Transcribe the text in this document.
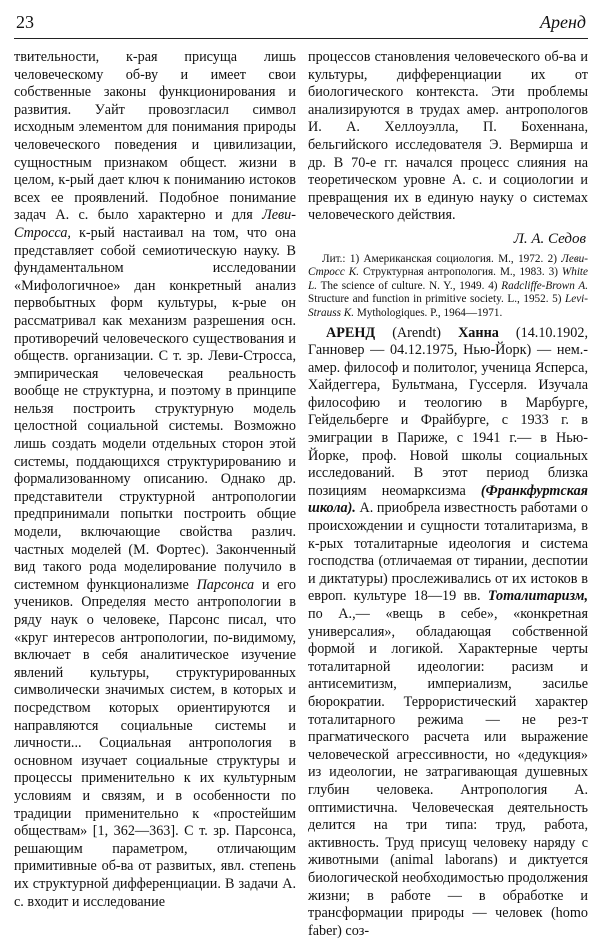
23	Аренд

твительности, к-рая присуща лишь человеческому об-ву и имеет свои собственные законы функционирования и развития. Уайт провозгласил символ исходным элементом для понимания природы человеческого поведения и цивилизации, сущностным признаком общест. жизни в целом, к-рый дает ключ к пониманию истоков всех ее проявлений. Подобное понимание задач А. с. было характерно и для Леви-Стросса, к-рый настаивал на том, что она представляет собой семиотическую науку. В фундаментальном исследовании «Мифологичное» дан конкретный анализ первобытных форм культуры, к-рые он рассматривал как механизм разрешения осн. противоречий человеческого существования и обществ. организации. С т. зр. Леви-Стросса, эмпирическая человеческая реальность вообще не структурна, и поэтому в принципе нельзя построить структурную модель целостной социальной системы. Возможно лишь создать модели отдельных сторон этой системы, поддающихся структурированию и формализованному описанию. Однако др. представители структурной антропологии предпринимали попытки построить общие модели, включающие свойства различ. частных моделей (М. Фортес). Законченный вид такого рода моделирование получило в системном функционализме Парсонса и его учеников. Определяя место антропологии в ряду наук о человеке, Парсонс писал, что «круг интересов антропологии, по-видимому, включает в себя аналитическое изучение явлений культуры, структурированных символически значимых систем, в которых и посредством которых ориентируются и направляются социальные системы и личности... Социальная антропология в основном изучает социальные структуры и процессы применительно к их культурным условиям и связям, и в особенности по традиции применительно к «простейшим обществам» [1, 362—363]. С т. зр. Парсонса, решающим параметром, отличающим примитивные об-ва от развитых, явл. степень их структурной дифференциации. В задачи А. с. входит и исследование

процессов становления человеческого об-ва и культуры, дифференциации их от биологического контекста. Эти проблемы анализируются в трудах амер. антропологов И. А. Хеллоуэлла, П. Бохеннана, бельгийского исследователя Э. Вермирша и др. В 70-е гг. начался процесс слияния на теоретическом уровне А. с. и социологии и превращения их в единую науку о системах человеческого действия.

Л. А. Седов

Лит.: 1) Американская социология. М., 1972. 2) Леви-Стросс К. Структурная антропология. М., 1983. 3) White L. The science of culture. N. Y., 1949. 4) Radcliffe-Brown A. Structure and function in primitive society. L., 1952. 5) Levi-Strauss K. Mythologiques. P., 1964—1971.

АРЕНД (Arendt) Ханна (14.10.1902, Ганновер — 04.12.1975, Нью-Йорк) — нем.-амер. философ и политолог, ученица Ясперса, Хайдеггера, Бультмана, Гуссерля. Изучала философию и теологию в Марбурге, Гейдельберге и Фрайбурге, с 1933 г. в эмиграции в Париже, с 1941 г.— в Нью-Йорке, проф. Новой школы социальных исследований. В этот период близка позициям неомарксизма (Франкфуртская школа). А. приобрела известность работами о происхождении и сущности тоталитаризма, в к-рых тоталитарные идеология и система господства (отличаемая от тирании, деспотии и диктатуры) прослеживались от их истоков в европ. культуре 18—19 вв. Тоталитаризм, по А.,— «вещь в себе», «конкретная универсалия», обладающая собственной формой и логикой. Характерные черты тоталитарной идеологии: расизм и антисемитизм, империализм, засилье бюрократии. Террористический характер тоталитарного режима — не рез-т прагматического расчета или выражение человеческой агрессивности, но «дедукция» из идеологии, не затрагивающая душевных глубин человека. Антропология А. оптимистична. Человеческая деятельность делится на три типа: труд, работа, активность. Труд присущ человеку наряду с животными (animal laborans) и диктуется биологической необходимостью продолжения жизни; в работе — в обработке и трансформации природы — человек (homo faber) соз-
